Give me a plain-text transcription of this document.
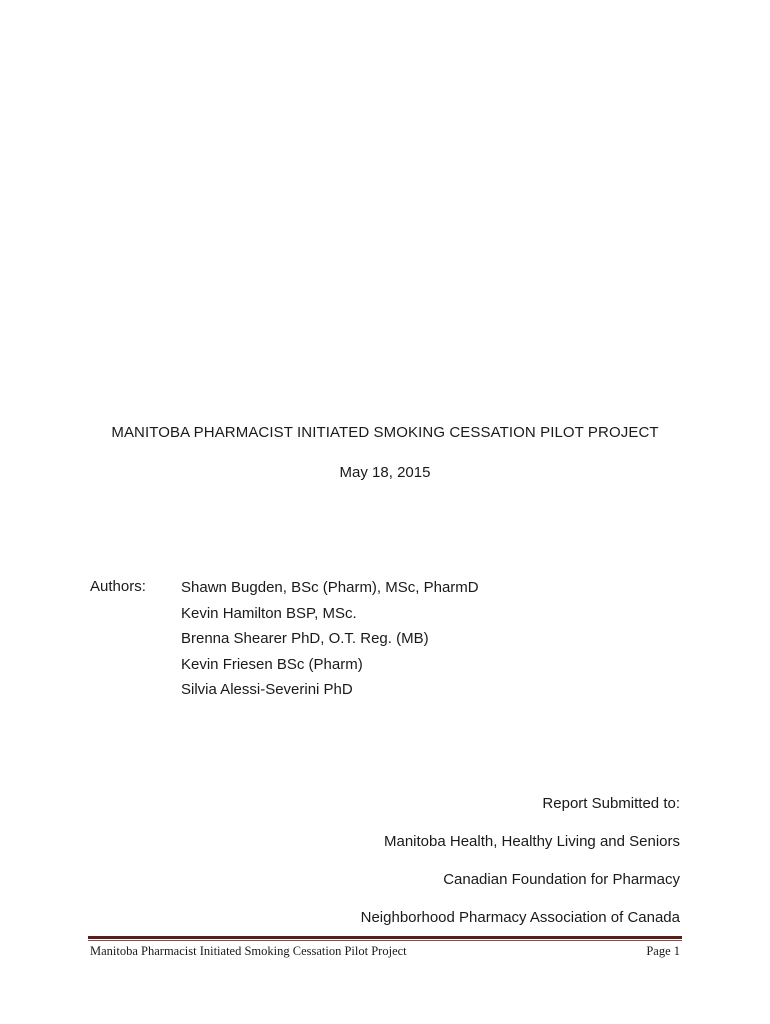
MANITOBA PHARMACIST INITIATED SMOKING CESSATION PILOT PROJECT
May 18, 2015
Authors: Shawn Bugden, BSc (Pharm), MSc, PharmD
Kevin Hamilton BSP, MSc.
Brenna Shearer PhD, O.T. Reg. (MB)
Kevin Friesen BSc (Pharm)
Silvia Alessi-Severini PhD
Report Submitted to:
Manitoba Health, Healthy Living and Seniors
Canadian Foundation for Pharmacy
Neighborhood Pharmacy Association of Canada
Manitoba Pharmacist Initiated Smoking Cessation Pilot Project	Page 1
